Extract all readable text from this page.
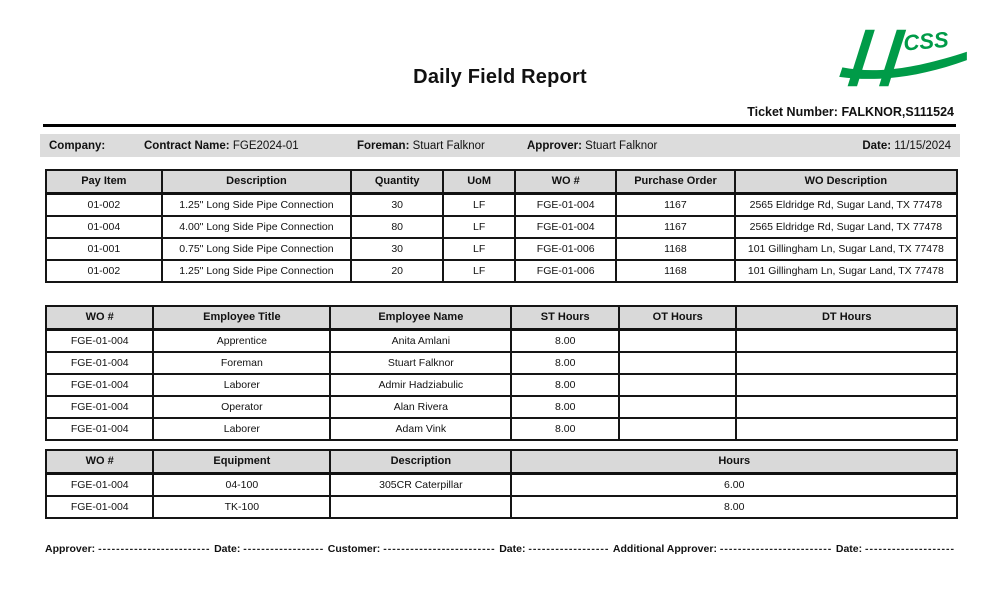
CSS
Daily Field Report
Ticket Number: FALKNOR,S111524
Company:	Contract Name: FGE2024-01	Foreman: Stuart Falknor	Approver: Stuart Falknor	Date: 11/15/2024
Pay Item	Description	Quantity	UoM	WO #	Purchase Order	WO Description
01-002	1.25" Long Side Pipe Connection	30	LF	FGE-01-004	1167	2565 Eldridge Rd, Sugar Land, TX 77478
01-004	4.00" Long Side Pipe Connection	80	LF	FGE-01-004	1167	2565 Eldridge Rd, Sugar Land, TX 77478
01-001	0.75" Long Side Pipe Connection	30	LF	FGE-01-006	1168	101 Gillingham Ln, Sugar Land, TX 77478
01-002	1.25" Long Side Pipe Connection	20	LF	FGE-01-006	1168	101 Gillingham Ln, Sugar Land, TX 77478
WO #	Employee Title	Employee Name	ST Hours	OT Hours	DT Hours
FGE-01-004	Apprentice	Anita Amlani	8.00		
FGE-01-004	Foreman	Stuart Falknor	8.00		
FGE-01-004	Laborer	Admir Hadziabulic	8.00		
FGE-01-004	Operator	Alan Rivera	8.00		
FGE-01-004	Laborer	Adam Vink	8.00		
WO #	Equipment	Description	Hours
FGE-01-004	04-100	305CR Caterpillar	6.00
FGE-01-004	TK-100		8.00
Approver: ------------------------- Date: ------------------ Customer: ------------------------- Date: ------------------ Additional Approver: ------------------------- Date: --------------------
